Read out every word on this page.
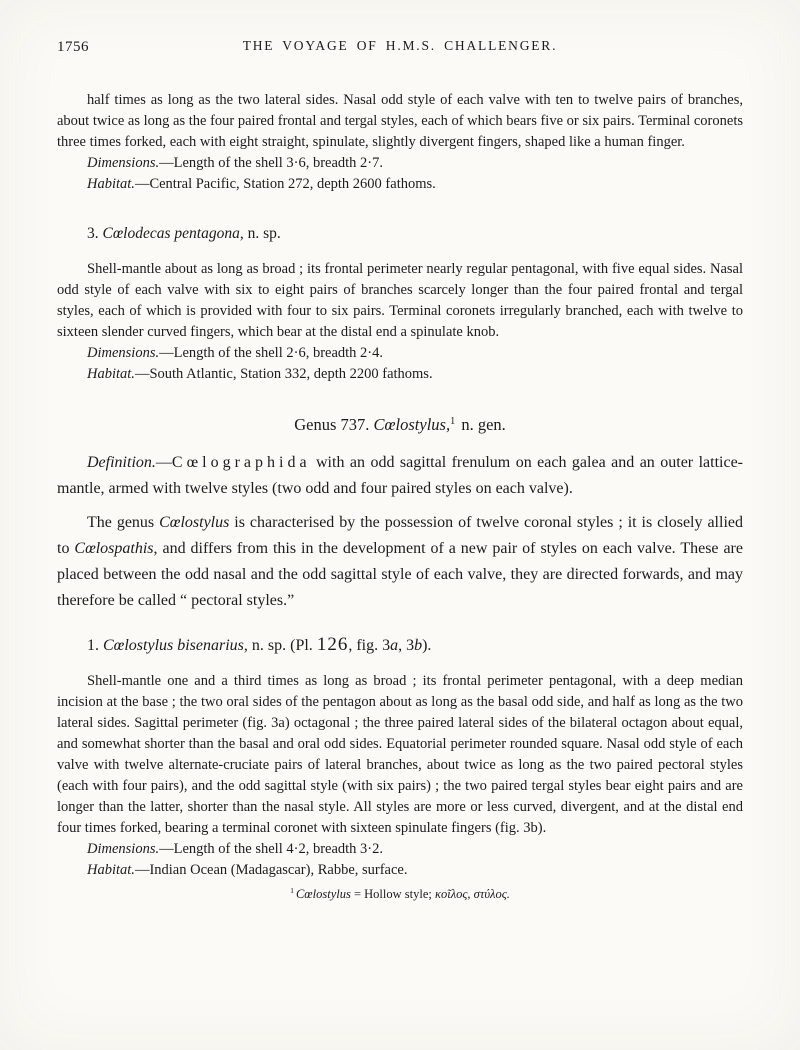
1756	THE VOYAGE OF H.M.S. CHALLENGER.

half times as long as the two lateral sides. Nasal odd style of each valve with ten to twelve pairs of branches, about twice as long as the four paired frontal and tergal styles, each of which bears five or six pairs. Terminal coronets three times forked, each with eight straight, spinulate, slightly divergent fingers, shaped like a human finger.

Dimensions.—Length of the shell 3·6, breadth 2·7.

Habitat.—Central Pacific, Station 272, depth 2600 fathoms.

3. Cœlodecas pentagona, n. sp.

Shell-mantle about as long as broad ; its frontal perimeter nearly regular pentagonal, with five equal sides. Nasal odd style of each valve with six to eight pairs of branches scarcely longer than the four paired frontal and tergal styles, each of which is provided with four to six pairs. Terminal coronets irregularly branched, each with twelve to sixteen slender curved fingers, which bear at the distal end a spinulate knob.

Dimensions.—Length of the shell 2·6, breadth 2·4.

Habitat.—South Atlantic, Station 332, depth 2200 fathoms.

Genus 737. Cœlostylus,$^1$ n. gen.

Definition.—Cœlographida with an odd sagittal frenulum on each galea and an outer lattice-mantle, armed with twelve styles (two odd and four paired styles on each valve).

The genus Cœlostylus is characterised by the possession of twelve coronal styles ; it is closely allied to Cœlospathis, and differs from this in the development of a new pair of styles on each valve. These are placed between the odd nasal and the odd sagittal style of each valve, they are directed forwards, and may therefore be called “ pectoral styles.”

1. Cœlostylus bisenarius, n. sp. (Pl. 126, fig. 3a, 3b).

Shell-mantle one and a third times as long as broad ; its frontal perimeter pentagonal, with a deep median incision at the base ; the two oral sides of the pentagon about as long as the basal odd side, and half as long as the two lateral sides. Sagittal perimeter (fig. 3a) octagonal ; the three paired lateral sides of the bilateral octagon about equal, and somewhat shorter than the basal and oral odd sides. Equatorial perimeter rounded square. Nasal odd style of each valve with twelve alternate-cruciate pairs of lateral branches, about twice as long as the two paired pectoral styles (each with four pairs), and the odd sagittal style (with six pairs) ; the two paired tergal styles bear eight pairs and are longer than the latter, shorter than the nasal style. All styles are more or less curved, divergent, and at the distal end four times forked, bearing a terminal coronet with sixteen spinulate fingers (fig. 3b).

Dimensions.—Length of the shell 4·2, breadth 3·2.

Habitat.—Indian Ocean (Madagascar), Rabbe, surface.

$^1$ Cœlostylus = Hollow style; κοῖλος, στύλος.
